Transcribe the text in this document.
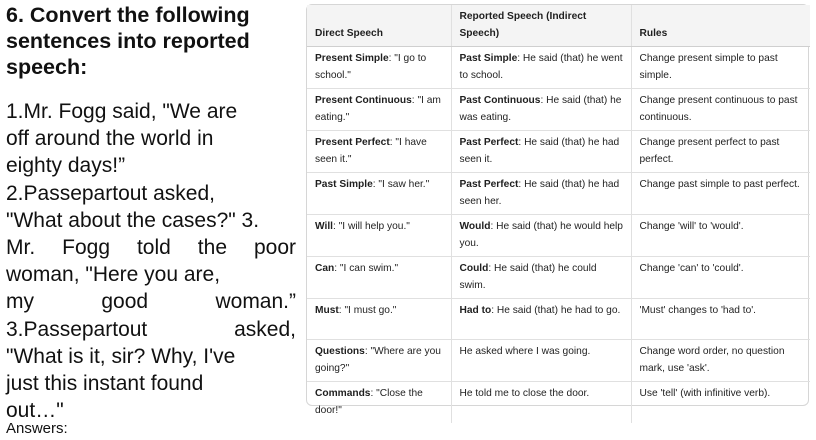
6. Convert the following
sentences into reported
speech:
1.Mr. Fogg said, "We are
off around the world in
eighty days!”
2.Passepartout asked,
"What about the cases?" 3.
Mr. Fogg told the poor
woman, "Here you are,
my good woman.”
3.Passepartout asked,
"What is it, sir? Why, I've
just this instant found
out…"
Answers:
Direct Speech	Reported Speech (Indirect Speech)	Rules
Present Simple: "I go to school."	Past Simple: He said (that) he went to school.	Change present simple to past simple.
Present Continuous: "I am eating."	Past Continuous: He said (that) he was eating.	Change present continuous to past continuous.
Present Perfect: "I have seen it."	Past Perfect: He said (that) he had seen it.	Change present perfect to past perfect.
Past Simple: "I saw her."	Past Perfect: He said (that) he had seen her.	Change past simple to past perfect.
Will: "I will help you."	Would: He said (that) he would help you.	Change 'will' to 'would'.
Can: "I can swim."	Could: He said (that) he could swim.	Change 'can' to 'could'.
Must: "I must go."	Had to: He said (that) he had to go.	'Must' changes to 'had to'.
Questions: "Where are you going?"	He asked where I was going.	Change word order, no question mark, use 'ask'.
Commands: "Close the door!"	He told me to close the door.	Use 'tell' (with infinitive verb).
